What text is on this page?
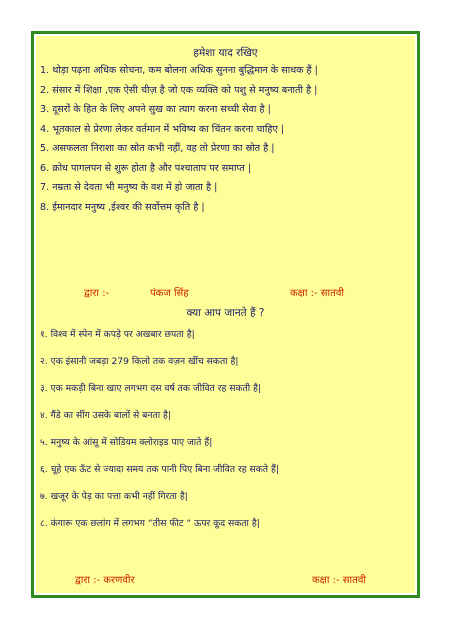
हमेशा याद रखिए
1. थोड़ा पढ़ना अधिक सोचना, कम बोलना अधिक सुनना बुद्धिमान के साधक हैं |
2. संसार में शिक्षा ,एक ऐसी चीज़ है जो एक व्यक्ति को पशु से मनुष्य बनाती है |
3. दूसरों के हित के लिए अपने सुख का त्याग करना सच्ची सेवा है |
4. भूतकाल से प्रेरणा लेकर वर्तमान में भविष्य का चिंतन करना चाहिए |
5. असफलता निराशा का स्रोत कभी नहीं, वह तो प्रेरणा का स्रोत है |
6. क्रोध पागलपन से शुरू होता है और पश्चाताप पर समाप्त |
7. नम्रता से देवता भी मनुष्य के वश में हो जाता है |
8. ईमानदार मनुष्य ,ईश्वर की सर्वोत्तम कृति है |
द्वारा :-	पंकज सिंह	कक्षा :- सातवी
क्या आप जानते हैं ?
१. विश्व में स्पेन में कपड़े पर अखबार छपता है|
२. एक इंसानी जबड़ा 279 किलो तक वज़न खींच सकता है|
३. एक मकड़ी बिना खाए लगभग दस वर्ष तक जीवित रह सकती है|
४. गैंडे का सींग उसके बालों से बनता है|
५. मनुष्य के आंसू में सोडियम क्लोराइड पाए जाते हैं|
६. चूहे एक ऊँट से ज्यादा समय तक पानी पिए बिना जीवित रह सकते हैं|
७. खजूर के पेड़ का पत्ता कभी नहीं गिरता है|
८. कंगारू एक छलांग में लगभग “तीस फीट “ ऊपर कूद सकता है|
द्वारा :- करणवीर	कक्षा :- सातवी
